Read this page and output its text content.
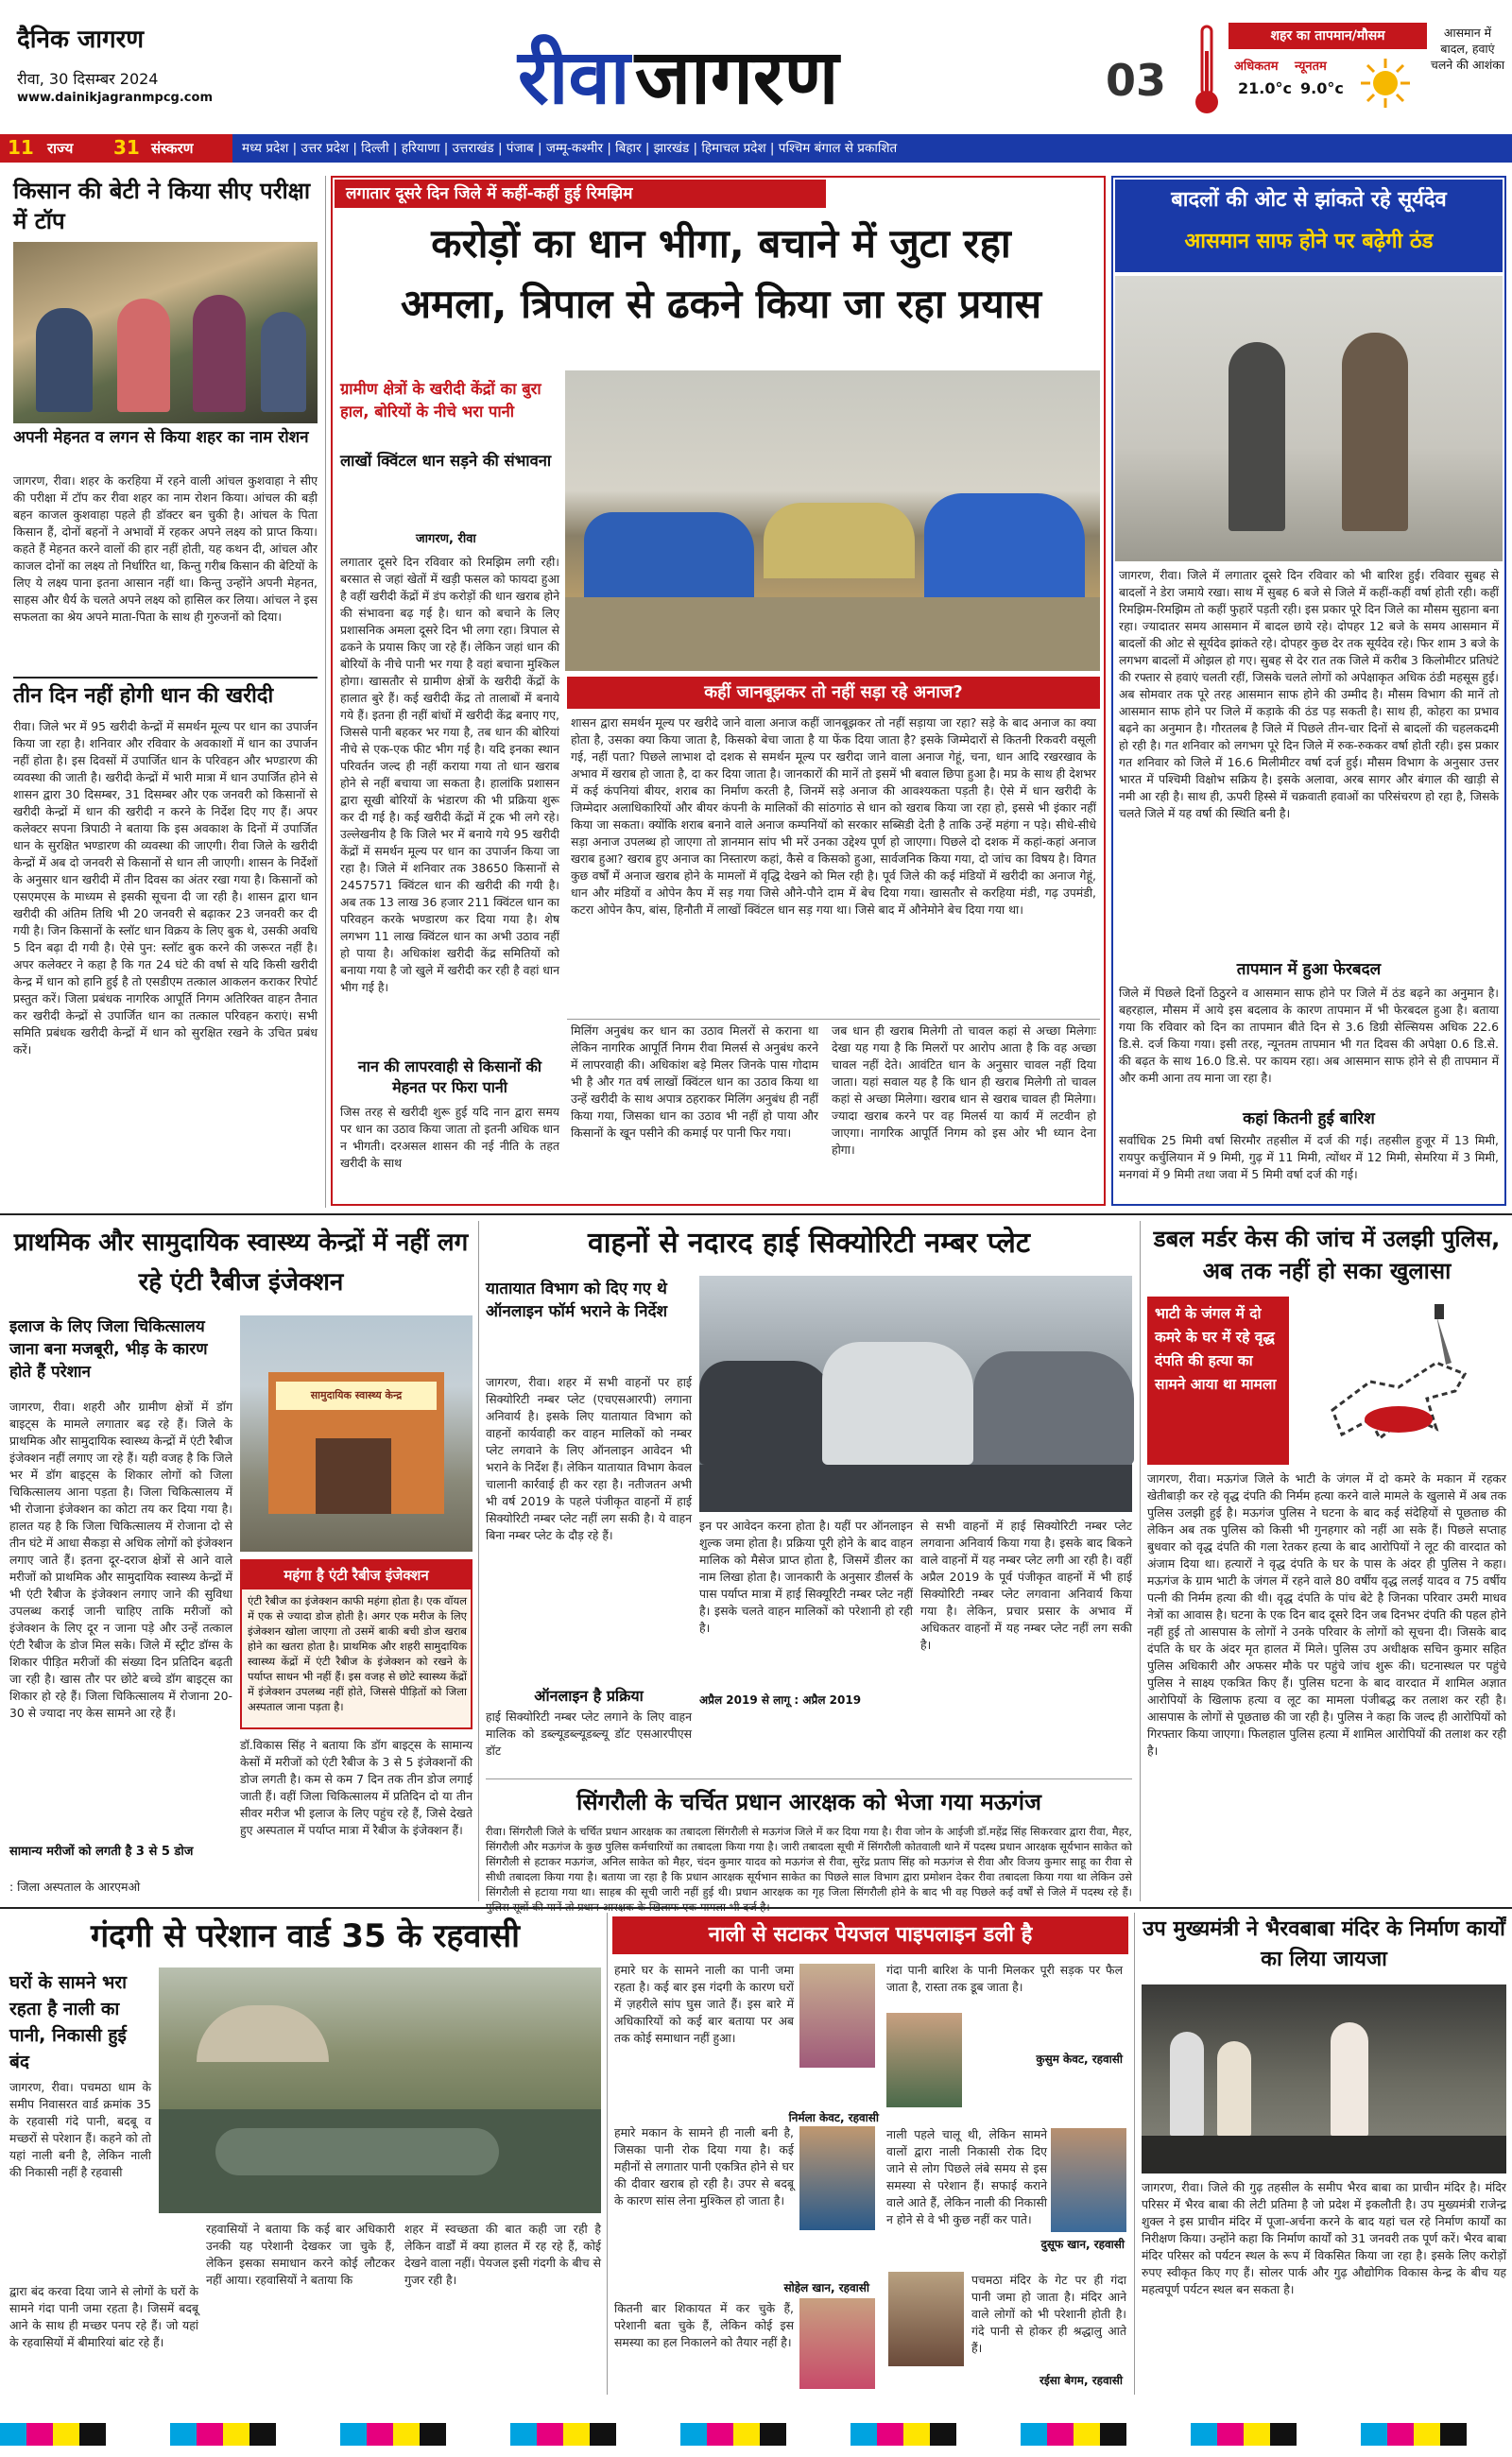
दैनिक जागरण
रीवा, 30 दिसम्बर 2024
www.dainikjagranmpcg.com	रीवा जागरण	03
शहर का तापमान/मौसम
अधिकतम न्यूनतम
21.0°c 9.0°c
आसमान में बादल, हवाएं चलने की आशंका
11 राज्य 31 संस्करण	मध्य प्रदेश | उत्तर प्रदेश | दिल्ली | हरियाणा | उत्तराखंड | पंजाब | जम्मू-कश्मीर | बिहार | झारखंड | हिमाचल प्रदेश | पश्चिम बंगाल से प्रकाशित
किसान की बेटी ने किया सीए परीक्षा में टॉप
अपनी मेहनत व लगन से किया शहर का नाम रोशन
जागरण, रीवा। शहर के करहिया में रहने वाली आंचल कुशवाहा ने सीए की परीक्षा में टॉप कर रीवा शहर का नाम रोशन किया। आंचल की बड़ी बहन काजल कुशवाहा पहले ही डॉक्टर बन चुकी है। आंचल के पिता किसान हैं, दोनों बहनों ने अभावों में रहकर अपने लक्ष्य को प्राप्त किया। कहते हैं मेहनत करने वालों की हार नहीं होती, यह कथन दी, आंचल और काजल दोनों का लक्ष्य तो निर्धारित था, किन्तु गरीब किसान की बेटियों के लिए ये लक्ष्य पाना इतना आसान नहीं था। किन्तु उन्होंने अपनी मेहनत, साहस और धैर्य के चलते अपने लक्ष्य को हासिल कर लिया। आंचल ने इस सफलता का श्रेय अपने माता-पिता के साथ ही गुरुजनों को दिया।
तीन दिन नहीं होगी धान की खरीदी
रीवा। जिले भर में 95 खरीदी केन्द्रों में समर्थन मूल्य पर धान का उपार्जन किया जा रहा है। शनिवार और रविवार के अवकाशों में धान का उपार्जन नहीं होता है। इस दिवसों में उपार्जित धान के परिवहन और भण्डारण की व्यवस्था की जाती है। खरीदी केन्द्रों में भारी मात्रा में धान उपार्जित होने से शासन द्वारा 30 दिसम्बर, 31 दिसम्बर और एक जनवरी को किसानों से खरीदी केन्द्रों में धान की खरीदी न करने के निर्देश दिए गए हैं। अपर कलेक्टर सपना त्रिपाठी ने बताया कि इस अवकाश के दिनों में उपार्जित धान के सुरक्षित भण्डारण की व्यवस्था की जाएगी। रीवा जिले के खरीदी केन्द्रों में अब दो जनवरी से किसानों से धान ली जाएगी। शासन के निर्देशों के अनुसार धान खरीदी में तीन दिवस का अंतर रखा गया है। किसानों को एसएमएस के माध्यम से इसकी सूचना दी जा रही है। शासन द्वारा धान खरीदी की अंतिम तिथि भी 20 जनवरी से बढ़ाकर 23 जनवरी कर दी गयी है। जिन किसानों के स्लॉट धान विक्रय के लिए बुक थे, उसकी अवधि 5 दिन बढ़ा दी गयी है। ऐसे पुन: स्लॉट बुक करने की जरूरत नहीं है। अपर कलेक्टर ने कहा है कि गत 24 घंटे की वर्षा से यदि किसी खरीदी केन्द्र में धान को हानि हुई है तो एसडीएम तत्काल आकलन कराकर रिपोर्ट प्रस्तुत करें। जिला प्रबंधक नागरिक आपूर्ति निगम अतिरिक्त वाहन तैनात कर खरीदी केन्द्रों से उपार्जित धान का तत्काल परिवहन कराएं। सभी समिति प्रबंधक खरीदी केन्द्रों में धान को सुरक्षित रखने के उचित प्रबंध करें।
लगातार दूसरे दिन जिले में कहीं-कहीं हुई रिमझिम
करोड़ों का धान भीगा, बचाने में जुटा रहा
अमला, त्रिपाल से ढकने किया जा रहा प्रयास
ग्रामीण क्षेत्रों के खरीदी केंद्रों का बुरा हाल, बोरियों के नीचे भरा पानी
लाखों क्विंटल धान सड़ने की संभावना
जागरण, रीवा
लगातार दूसरे दिन रविवार को रिमझिम लगी रही। बरसात से जहां खेतों में खड़ी फसल को फायदा हुआ है वहीं खरीदी केंद्रों में डंप करोड़ों की धान खराब होने की संभावना बढ़ गई है। धान को बचाने के लिए प्रशासनिक अमला दूसरे दिन भी लगा रहा। त्रिपाल से ढकने के प्रयास किए जा रहे हैं। लेकिन जहां धान की बोरियों के नीचे पानी भर गया है वहां बचाना मुश्किल होगा। खासतौर से ग्रामीण क्षेत्रों के खरीदी केंद्रों के हालात बुरे हैं। कई खरीदी केंद्र तो तालाबों में बनाये गये हैं। इतना ही नहीं बांधों में खरीदी केंद्र बनाए गए, जिससे पानी बहकर भर गया है, तब धान की बोरियां नीचे से एक-एक फीट भीग गई है। यदि इनका स्थान परिवर्तन जल्द ही नहीं कराया गया तो धान खराब होने से नहीं बचाया जा सकता है। हालांकि प्रशासन द्वारा सूखी बोरियों के भंडारण की भी प्रक्रिया शुरू कर दी गई है। कई खरीदी केंद्रों में ट्रक भी लगे रहे। उल्लेखनीय है कि जिले भर में बनाये गये 95 खरीदी केंद्रों में समर्थन मूल्य पर धान का उपार्जन किया जा रहा है। जिले में शनिवार तक 38650 किसानों से 2457571 क्विंटल धान की खरीदी की गयी है। अब तक 13 लाख 36 हजार 211 क्विंटल धान का परिवहन करके भण्डारण कर दिया गया है। शेष लगभग 11 लाख क्विंटल धान का अभी उठाव नहीं हो पाया है। अधिकांश खरीदी केंद्र समितियों को बनाया गया है जो खुले में खरीदी कर रही है वहां धान भीग गई है।
नान की लापरवाही से किसानों की मेहनत पर फिरा पानी
जिस तरह से खरीदी शुरू हुई यदि नान द्वारा समय पर धान का उठाव किया जाता तो इतनी अधिक धान न भीगती। दरअसल शासन की नई नीति के तहत खरीदी के साथ
कहीं जानबूझकर तो नहीं सड़ा रहे अनाज?
शासन द्वारा समर्थन मूल्य पर खरीदे जाने वाला अनाज कहीं जानबूझकर तो नहीं सड़ाया जा रहा? सड़े के बाद अनाज का क्या होता है, उसका क्या किया जाता है, किसको बेचा जाता है या फेंक दिया जाता है? इसके जिम्मेदारों से कितनी रिकवरी वसूली गई, नहीं पता? पिछले लाभाश दो दशक से समर्थन मूल्य पर खरीदा जाने वाला अनाज गेहूं, चना, धान आदि रखरखाव के अभाव में खराब हो जाता है, दा कर दिया जाता है। जानकारों की मानें तो इसमें भी बवाल छिपा हुआ है। मप्र के साथ ही देशभर में कई कंपनियां बीयर, शराब का निर्माण करती है, जिनमें सड़े अनाज की आवश्यकता पड़ती है। ऐसे में धान खरीदी के जिम्मेदार अलाधिकारियों और बीयर कंपनी के मालिकों की सांठगांठ से धान को खराब किया जा रहा हो, इससे भी इंकार नहीं किया जा सकता। क्योंकि शराब बनाने वाले अनाज कम्पनियों को सरकार सब्सिडी देती है ताकि उन्हें महंगा न पड़े। सीधे-सीधे सड़ा अनाज उपलब्ध हो जाएगा तो ज्ञानमान सांप भी मरें उनका उद्देश्य पूर्ण हो जाएगा। पिछले दो दशक में कहां-कहां अनाज खराब हुआ? खराब हुए अनाज का निस्तारण कहां, कैसे व किसको हुआ, सार्वजनिक किया गया, दो जांच का विषय है। विगत कुछ वर्षों में अनाज खराब होने के मामलों में वृद्धि देखने को मिल रही है। पूर्व जिले की कई मंडियों में खरीदी का अनाज गेहूं, धान और मंडियों व ओपेन कैप में सड़ गया जिसे औने-पौने दाम में बेच दिया गया। खासतौर से करहिया मंडी, गढ़ उपमंडी, कटरा ओपेन कैप, बांस, हिनौती में लाखों क्विंटल धान सड़ गया था। जिसे बाद में औनेमोने बेच दिया गया था।
मिलिंग अनुबंध कर धान का उठाव मिलरों से कराना था लेकिन नागरिक आपूर्ति निगम रीवा मिलर्स से अनुबंध करने में लापरवाही की। अधिकांश बड़े मिलर जिनके पास गोदाम भी है और गत वर्ष लाखों क्विंटल धान का उठाव किया था उन्हें खरीदी के साथ अपात्र ठहराकर मिलिंग अनुबंध ही नहीं किया गया, जिसका धान का उठाव भी नहीं हो पाया और किसानों के खून पसीने की कमाई पर पानी फिर गया।
जब धान ही खराब मिलेगी तो चावल कहां से अच्छा मिलेगाः देखा यह गया है कि मिलरों पर आरोप आता है कि वह अच्छा चावल नहीं देते। आवंटित धान के अनुसार चावल नहीं दिया जाता। यहां सवाल यह है कि धान ही खराब मिलेगी तो चावल कहां से अच्छा मिलेगा। खराब धान से खराब चावल ही मिलेगा। ज्यादा खराब करने पर वह मिलर्स या कार्य में लटवीन हो जाएगा। नागरिक आपूर्ति निगम को इस ओर भी ध्यान देना होगा।
बादलों की ओट से झांकते रहे सूर्यदेव
आसमान साफ होने पर बढ़ेगी ठंड
जागरण, रीवा। जिले में लगातार दूसरे दिन रविवार को भी बारिश हुई। रविवार सुबह से बादलों ने डेरा जमाये रखा। साथ में सुबह 6 बजे से जिले में कहीं-कहीं वर्षा होती रही। कहीं रिमझिम-रिमझिम तो कहीं फुहारें पड़ती रही। इस प्रकार पूरे दिन जिले का मौसम सुहाना बना रहा। ज्यादातर समय आसमान में बादल छाये रहे। दोपहर 12 बजे के समय आसमान में बादलों की ओट से सूर्यदेव झांकते रहे। दोपहर कुछ देर तक सूर्यदेव रहे। फिर शाम 3 बजे के लगभग बादलों में ओझल हो गए। सुबह से देर रात तक जिले में करीब 3 किलोमीटर प्रतिघंटे की रफ्तार से हवाएं चलती रहीं, जिसके चलते लोगों को अपेक्षाकृत अधिक ठंडी महसूस हुई। अब सोमवार तक पूरे तरह आसमान साफ होने की उम्मीद है। मौसम विभाग की मानें तो आसमान साफ होने पर जिले में कड़ाके की ठंड पड़ सकती है। साथ ही, कोहरा का प्रभाव बढ़ने का अनुमान है। गौरतलब है जिले में पिछले तीन-चार दिनों से बादलों की चहलकदमी हो रही है। गत शनिवार को लगभग पूरे दिन जिले में रुक-रुककर वर्षा होती रही। इस प्रकार गत शनिवार को जिले में 16.6 मिलीमीटर वर्षा दर्ज हुई। मौसम विभाग के अनुसार उत्तर भारत में पश्चिमी विक्षोभ सक्रिय है। इसके अलावा, अरब सागर और बंगाल की खाड़ी से नमी आ रही है। साथ ही, ऊपरी हिस्से में चक्रवाती हवाओं का परिसंचरण हो रहा है, जिसके चलते जिले में यह वर्षा की स्थिति बनी है।
तापमान में हुआ फेरबदल
जिले में पिछले दिनों ठिठुरने व आसमान साफ होने पर जिले में ठंड बढ़ने का अनुमान है। बहरहाल, मौसम में आये इस बदलाव के कारण तापमान में भी फेरबदल हुआ है। बताया गया कि रविवार को दिन का तापमान बीते दिन से 3.6 डिग्री सेल्सियस अधिक 22.6 डि.से. दर्ज किया गया। इसी तरह, न्यूनतम तापमान भी गत दिवस की अपेक्षा 0.6 डि.से. की बढ़त के साथ 16.0 डि.से. पर कायम रहा। अब आसमान साफ होने से ही तापमान में और कमी आना तय माना जा रहा है।
कहां कितनी हुई बारिश
सर्वाधिक 25 मिमी वर्षा सिरमौर तहसील में दर्ज की गई। तहसील हुजूर में 13 मिमी, रायपुर कर्चुलियान में 9 मिमी, गुढ़ में 11 मिमी, त्योंथर में 12 मिमी, सेमरिया में 3 मिमी, मनगवां में 9 मिमी तथा जवा में 5 मिमी वर्षा दर्ज की गई।
प्राथमिक और सामुदायिक स्वास्थ्य केन्द्रों में नहीं लग रहे एंटी रैबीज इंजेक्शन
इलाज के लिए जिला चिकित्सालय जाना बना मजबूरी, भीड़ के कारण होते हैं परेशान
सामुदायिक स्वास्थ्य केन्द्र
जागरण, रीवा। शहरी और ग्रामीण क्षेत्रों में डॉग बाइट्स के मामले लगातार बढ़ रहे हैं। जिले के प्राथमिक और सामुदायिक स्वास्थ्य केन्द्रों में एंटी रैबीज इंजेक्शन नहीं लगाए जा रहे हैं। यही वजह है कि जिले भर में डॉग बाइट्स के शिकार लोगों को जिला चिकित्सालय आना पड़ता है। जिला चिकित्सालय में भी रोजाना इंजेक्शन का कोटा तय कर दिया गया है। हालत यह है कि जिला चिकित्सालय में रोजाना दो से तीन घंटे में आधा सैकड़ा से अधिक लोगों को इंजेक्शन लगाए जाते हैं। इतना दूर-दराज क्षेत्रों से आने वाले मरीजों को प्राथमिक और सामुदायिक स्वास्थ्य केन्द्रों में भी एंटी रैबीज के इंजेक्शन लगाए जाने की सुविधा उपलब्ध कराई जानी चाहिए ताकि मरीजों को इंजेक्शन के लिए दूर न जाना पड़े और उन्हें तत्काल एंटी रैबीज के डोज मिल सके। जिले में स्ट्रीट डॉग्स के शिकार पीड़ित मरीजों की संख्या दिन प्रतिदिन बढ़ती जा रही है। खास तौर पर छोटे बच्चे डॉग बाइट्स का शिकार हो रहे हैं। जिला चिकित्सालय में रोजाना 20-30 से ज्यादा नए केस सामने आ रहे हैं।
सामान्य मरीजों को लगती है 3 से 5 डोज
: जिला अस्पताल के आरएमओ
महंगा है एंटी रैबीज इंजेक्शन
एंटी रैबीज का इंजेक्शन काफी महंगा होता है। एक वॉयल में एक से ज्यादा डोज होती है। अगर एक मरीज के लिए इंजेक्शन खोला जाएगा तो उसमें बाकी बची डोज खराब होने का खतरा होता है। प्राथमिक और शहरी सामुदायिक स्वास्थ्य केंद्रों में एंटी रैबीज के इंजेक्शन को रखने के पर्याप्त साधन भी नहीं हैं। इस वजह से छोटे स्वास्थ्य केंद्रों में इंजेक्शन उपलब्ध नहीं होते, जिससे पीड़ितों को जिला अस्पताल जाना पड़ता है।
डॉ.विकास सिंह ने बताया कि डॉग बाइट्स के सामान्य केसों में मरीजों को एंटी रैबीज के 3 से 5 इंजेक्शनों की डोज लगती है। कम से कम 7 दिन तक तीन डोज लगाई जाती हैं। वहीं जिला चिकित्सालय में प्रतिदिन दो या तीन सीवर मरीज भी इलाज के लिए पहुंच रहे हैं, जिसे देखते हुए अस्पताल में पर्याप्त मात्रा में रैबीज के इंजेक्शन हैं।
वाहनों से नदारद हाई सिक्योरिटी नम्बर प्लेट
यातायात विभाग को दिए गए थे ऑनलाइन फॉर्म भराने के निर्देश
जागरण, रीवा। शहर में सभी वाहनों पर हाई सिक्योरिटी नम्बर प्लेट (एचएसआरपी) लगाना अनिवार्य है। इसके लिए यातायात विभाग को वाहनों कार्यवाही कर वाहन मालिकों को नम्बर प्लेट लगवाने के लिए ऑनलाइन आवेदन भी भराने के निर्देश हैं। लेकिन यातायात विभाग केवल चालानी कार्रवाई ही कर रहा है। नतीजतन अभी भी वर्ष 2019 के पहले पंजीकृत वाहनों में हाई सिक्योरिटी नम्बर प्लेट नहीं लग सकी है। ये वाहन बिना नम्बर प्लेट के दौड़ रहे हैं।
ऑनलाइन है प्रक्रिया
हाई सिक्योरिटी नम्बर प्लेट लगाने के लिए वाहन मालिक को डब्ल्यूडब्ल्यूडब्ल्यू डॉट एसआरपीएस डॉट
इन पर आवेदन करना होता है। यहीं पर ऑनलाइन शुल्क जमा होता है। प्रक्रिया पूरी होने के बाद वाहन मालिक को मैसेज प्राप्त होता है, जिसमें डीलर का नाम लिखा होता है। जानकारी के अनुसार डीलर्स के पास पर्याप्त मात्रा में हाई सिक्यूरिटी नम्बर प्लेट नहीं है। इसके चलते वाहन मालिकों को परेशानी हो रही है।
अप्रैल 2019 से लागू : अप्रैल 2019
से सभी वाहनों में हाई सिक्योरिटी नम्बर प्लेट लगवाना अनिवार्य किया गया है। इसके बाद बिकने वाले वाहनों में यह नम्बर प्लेट लगी आ रही है। वहीं अप्रैल 2019 के पूर्व पंजीकृत वाहनों में भी हाई सिक्योरिटी नम्बर प्लेट लगवाना अनिवार्य किया गया है। लेकिन, प्रचार प्रसार के अभाव में अधिकतर वाहनों में यह नम्बर प्लेट नहीं लग सकी है।
सिंगरौली के चर्चित प्रधान आरक्षक को भेजा गया मऊगंज
रीवा। सिंगरौली जिले के चर्चित प्रधान आरक्षक का तबादला सिंगरौली से मऊगंज जिले में कर दिया गया है। रीवा जोन के आईजी डॉ.महेंद्र सिंह सिकरवार द्वारा रीवा, मैहर, सिंगरौली और मऊगंज के कुछ पुलिस कर्मचारियों का तबादला किया गया है। जारी तबादला सूची में सिंगरौली कोतवाली थाने में पदस्थ प्रधान आरक्षक सूर्यभान साकेत को सिंगरौली से हटाकर मऊगंज, अनिल साकेत को मैहर, चंदन कुमार यादव को मऊगंज से रीवा, सुरेंद्र प्रताप सिंह को मऊगंज से रीवा और विजय कुमार साहू का रीवा से सीधी तबादला किया गया है। बताया जा रहा है कि प्रधान आरक्षक सूर्यभान साकेत का पिछले साल विभाग द्वारा प्रमोशन देकर रीवा तबादला किया गया था लेकिन उसे सिंगरौली से हटाया गया था। साहब की सूची जारी नहीं हुई थी। प्रधान आरक्षक का गृह जिला सिंगरौली होने के बाद भी वह पिछले कई वर्षों से जिले में पदस्थ रहे हैं।
डबल मर्डर केस की जांच में उलझी पुलिस, अब तक नहीं हो सका खुलासा
भाटी के जंगल में दो कमरे के घर में रहे वृद्ध दंपति की हत्या का सामने आया था मामला
जागरण, रीवा। मऊगंज जिले के भाटी के जंगल में दो कमरे के मकान में रहकर खेतीबाड़ी कर रहे वृद्ध दंपति की निर्मम हत्या करने वाले मामले के खुलासे में अब तक पुलिस उलझी हुई है। मऊगंज पुलिस ने घटना के बाद कई संदेहियों से पूछताछ की लेकिन अब तक पुलिस को किसी भी गुनहगार को नहीं आ सके हैं। पिछले सप्ताह बुधवार को वृद्ध दंपति की गला रेतकर हत्या के बाद आरोपियों ने लूट की वारदात को अंजाम दिया था। हत्यारों ने वृद्ध दंपति के घर के पास के अंदर ही पुलिस ने कहा। मऊगंज के ग्राम भाटी के जंगल में रहने वाले 80 वर्षीय वृद्ध ललई यादव व 75 वर्षीय पत्नी की निर्मम हत्या की थी। वृद्ध दंपति के पांच बेटे है जिनका परिवार उमरी माधव नेत्रों का आवास है। घटना के एक दिन बाद दूसरे दिन जब दिनभर दंपति की पहल होने नहीं हुई तो आसपास के लोगों ने उनके परिवार के लोगों को सूचना दी। जिसके बाद दंपति के घर के अंदर मृत हालत में मिले। पुलिस उप अधीक्षक सचिन कुमार सहित पुलिस अधिकारी और अफसर मौके पर पहुंचे जांच शुरू की। घटनास्थल पर पहुंचे पुलिस ने साक्ष्य एकत्रित किए हैं। पुलिस घटना के बाद वारदात में शामिल अज्ञात आरोपियों के खिलाफ हत्या व लूट का मामला पंजीबद्ध कर तलाश कर रही है। आसपास के लोगों से पूछताछ की जा रही है। पुलिस ने कहा कि जल्द ही आरोपियों को गिरफ्तार किया जाएगा। फिलहाल पुलिस हत्या में शामिल आरोपियों की तलाश कर रही है।
गंदगी से परेशान वार्ड 35 के रहवासी
घरों के सामने भरा रहता है नाली का पानी, निकासी हुई बंद
जागरण, रीवा। पचमठा धाम के समीप निवासरत वार्ड क्रमांक 35 के रहवासी गंदे पानी, बदबू व मच्छरों से परेशान हैं। कहने को तो यहां नाली बनी है, लेकिन नाली की निकासी नहीं है रहवासी
द्वारा बंद करवा दिया जाने से लोगों के घरों के सामने गंदा पानी जमा रहता है। जिसमें बदबू आने के साथ ही मच्छर पनप रहे हैं। जो यहां के रहवासियों में बीमारियां बांट रहे हैं।
रहवासियों ने बताया कि कई बार अधिकारी उनकी यह परेशानी देखकर जा चुके हैं, लेकिन इसका समाधान करने कोई लौटकर नहीं आया। रहवासियों ने बताया कि
शहर में स्वच्छता की बात कही जा रही है लेकिन वार्डों में क्या हालत में रह रहे हैं, कोई देखने वाला नहीं। पेयजल इसी गंदगी के बीच से गुजर रही है।
नाली से सटाकर पेयजल पाइपलाइन डली है
हमारे घर के सामने नाली का पानी जमा रहता है। कई बार इस गंदगी के कारण घरों में ज़हरीले सांप घुस जाते हैं। इस बारे में अधिकारियों को कई बार बताया पर अब तक कोई समाधान नहीं हुआ।
निर्मला केवट, रहवासी
गंदा पानी बारिश के पानी मिलकर पूरी सड़क पर फैल जाता है, रास्ता तक डूब जाता है।
कुसुम केवट, रहवासी
नाली पहले चालू थी, लेकिन सामने वालों द्वारा नाली निकासी रोक दिए जाने से लोग पिछले लंबे समय से इस समस्या से परेशान हैं। सफाई कराने वाले आते हैं, लेकिन नाली की निकासी न होने से वे भी कुछ नहीं कर पाते।
दुसूफ खान, रहवासी
हमारे मकान के सामने ही नाली बनी है, जिसका पानी रोक दिया गया है। कई महीनों से लगातार पानी एकत्रित होने से घर की दीवार खराब हो रही है। उपर से बदबू के कारण सांस लेना मुश्किल हो जाता है।
सोहेल खान, रहवासी
कितनी बार शिकायत में कर चुके हैं, परेशानी बता चुके हैं, लेकिन कोई इस समस्या का हल निकालने को तैयार नहीं है।
पचमठा मंदिर के गेट पर ही गंदा पानी जमा हो जाता है। मंदिर आने वाले लोगों को भी परेशानी होती है। गंदे पानी से होकर ही श्रद्धालु आते हैं।
रईसा बेगम, रहवासी
उप मुख्यमंत्री ने भैरवबाबा मंदिर के निर्माण कार्यों का लिया जायजा
जागरण, रीवा। जिले की गुढ़ तहसील के समीप भैरव बाबा का प्राचीन मंदिर है। मंदिर परिसर में भैरव बाबा की लेटी प्रतिमा है जो प्रदेश में इकलौती है। उप मुख्यमंत्री राजेन्द्र शुक्ल ने इस प्राचीन मंदिर में पूजा-अर्चना करने के बाद यहां चल रहे निर्माण कार्यों का निरीक्षण किया। उन्होंने कहा कि निर्माण कार्यों को 31 जनवरी तक पूर्ण करें। भैरव बाबा मंदिर परिसर को पर्यटन स्थल के रूप में विकसित किया जा रहा है। इसके लिए करोड़ों रुपए स्वीकृत किए गए हैं। सोलर पार्क और गुढ़ औद्योगिक विकास केन्द्र के बीच यह महत्वपूर्ण पर्यटन स्थल बन सकता है।
